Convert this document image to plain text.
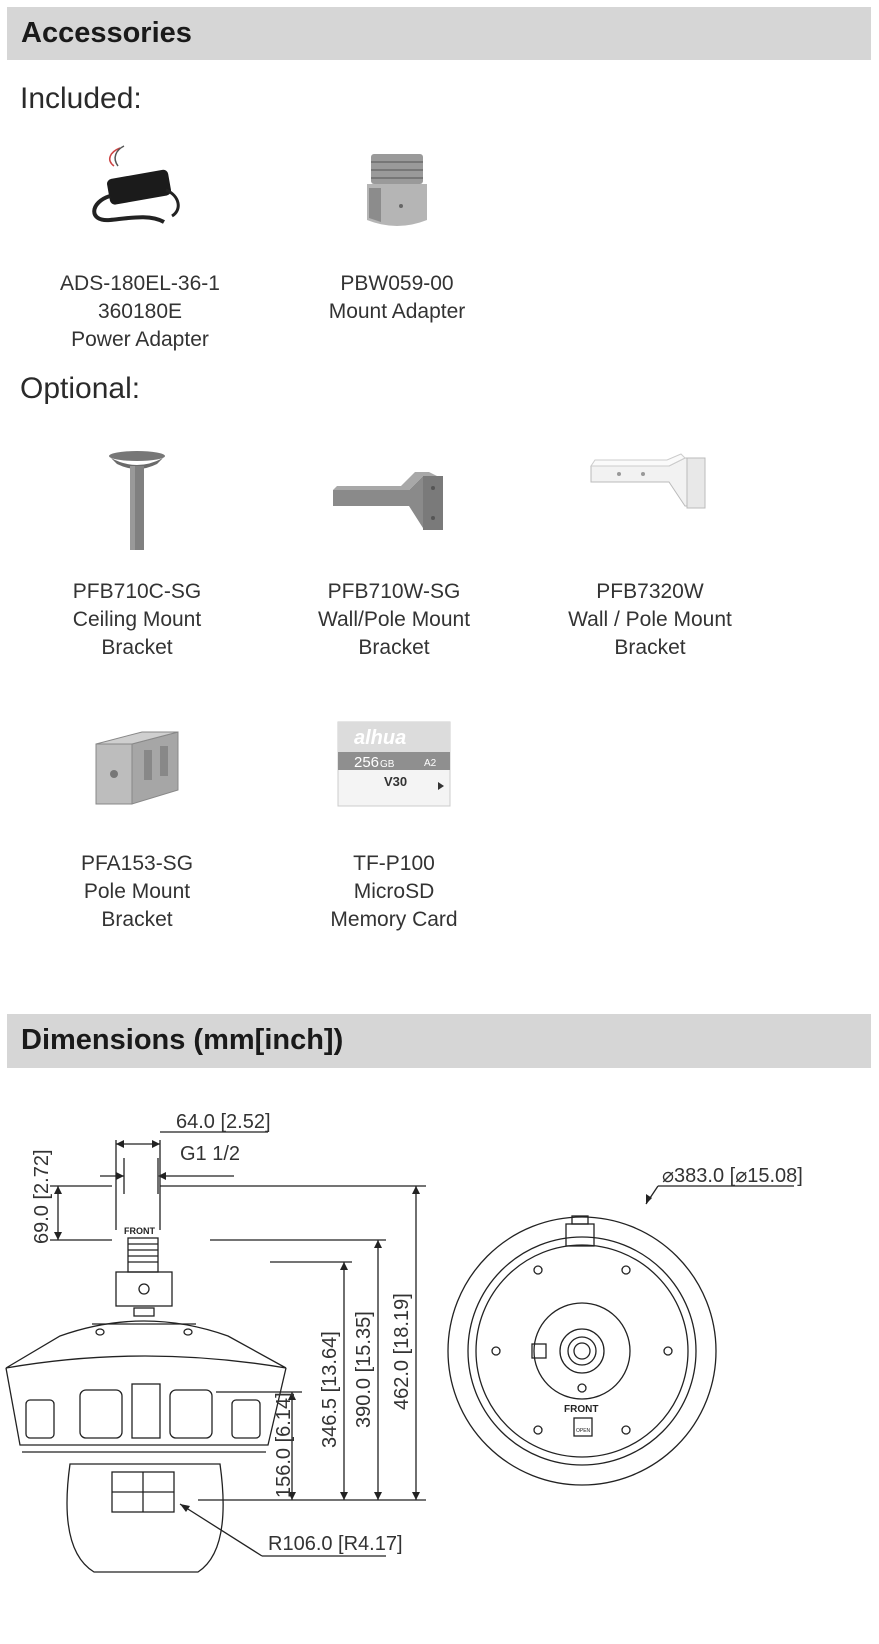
Accessories
Included:
ADS-180EL-36-1
360180E
Power Adapter
PBW059-00
Mount Adapter
Optional:
PFB710C-SG
Ceiling Mount
Bracket
PFB710W-SG
Wall/Pole Mount
Bracket
PFB7320W
Wall / Pole Mount
Bracket
PFA153-SG
Pole Mount
Bracket
alhua
256 GB	A2
V30
TF-P100
MicroSD
Memory Card
Dimensions (mm[inch])
64.0 [2.52]
G1 1/2
69.0 [2.72]
156.0 [6.14] 346.5 [13.64] 390.0 [15.35] 462.0 [18.19]
R106.0 [R4.17]
⌀383.0 [⌀15.08]
FRONT
FRONT
OPEN
